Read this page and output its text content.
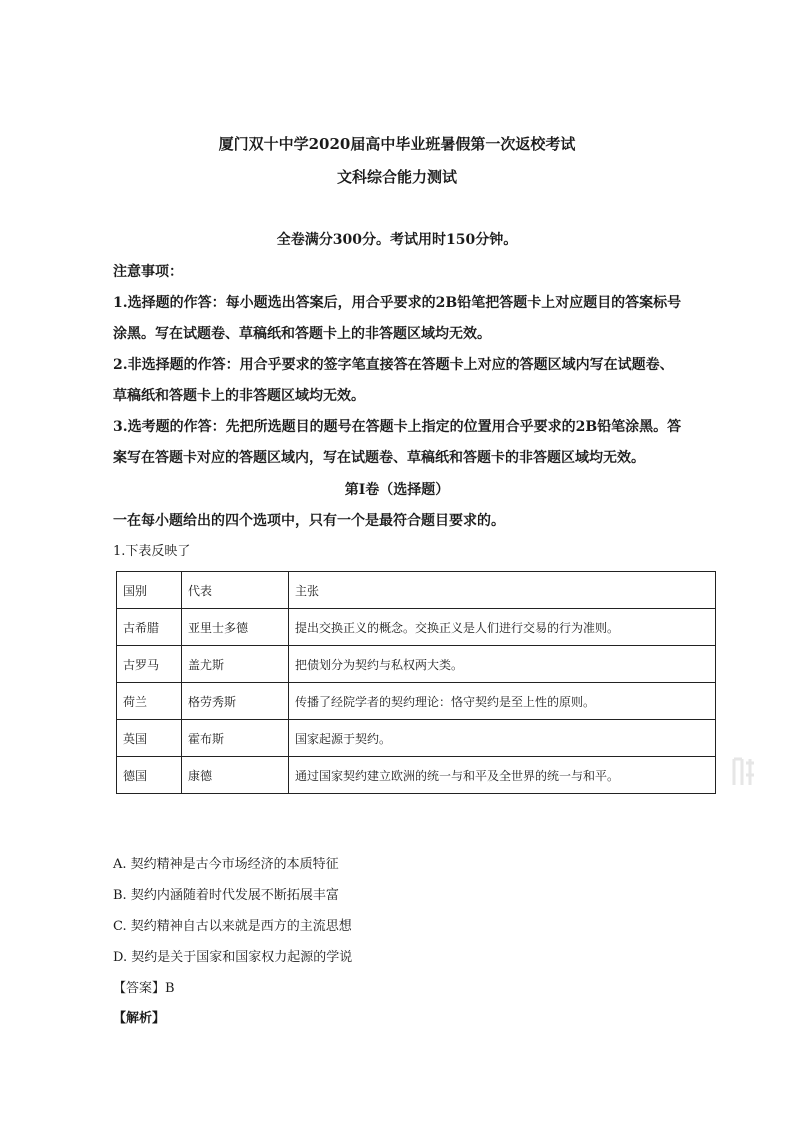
厦门双十中学2020届高中毕业班暑假第一次返校考试
文科综合能力测试
全卷满分300分。考试用时150分钟。
注意事项：
1.选择题的作答：每小题选出答案后，用合乎要求的2B铅笔把答题卡上对应题目的答案标号
涂黑。写在试题卷、草稿纸和答题卡上的非答题区域均无效。
2.非选择题的作答：用合乎要求的签字笔直接答在答题卡上对应的答题区域内写在试题卷、
草稿纸和答题卡上的非答题区域均无效。
3.选考题的作答：先把所选题目的题号在答题卡上指定的位置用合乎要求的2B铅笔涂黑。答
案写在答题卡对应的答题区域内，写在试题卷、草稿纸和答题卡的非答题区域均无效。
第Ⅰ卷（选择题）
一在每小题给出的四个选项中，只有一个是最符合题目要求的。
1.下表反映了
国别	代表	主张
古希腊	亚里士多德	提出交换正义的概念。交换正义是人们进行交易的行为准则。
古罗马	盖尤斯	把债划分为契约与私权两大类。
荷兰	格劳秀斯	传播了经院学者的契约理论：恪守契约是至上性的原则。
英国	霍布斯	国家起源于契约。
德国	康德	通过国家契约建立欧洲的统一与和平及全世界的统一与和平。
A. 契约精神是古今市场经济的本质特征
B. 契约内涵随着时代发展不断拓展丰富
C. 契约精神自古以来就是西方的主流思想
D. 契约是关于国家和国家权力起源的学说
【答案】B
【解析】
